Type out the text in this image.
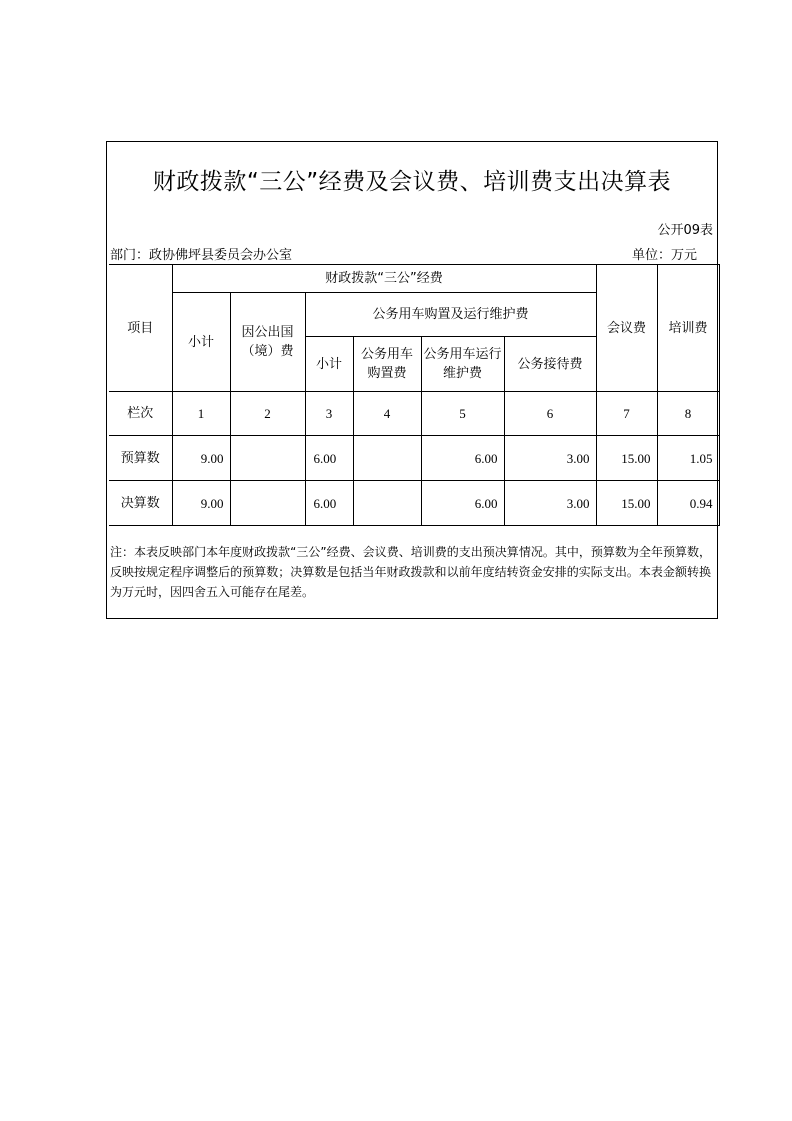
财政拨款“三公”经费及会议费、培训费支出决算表
公开09表
部门：政协佛坪县委员会办公室	单位：万元
项目	财政拨款“三公”经费						会议费	培训费
	小计	因公出国（境）费	公务用车购置及运行维护费					
			小计	公务用车购置费	公务用车运行维护费	公务接待费		
栏次	1	2	3	4	5	6	7	8
预算数	9.00		6.00		6.00	3.00	15.00	1.05
决算数	9.00		6.00		6.00	3.00	15.00	0.94
注：本表反映部门本年度财政拨款“三公”经费、会议费、培训费的支出预决算情况。其中，预算数为全年预算数，反映按规定程序调整后的预算数；决算数是包括当年财政拨款和以前年度结转资金安排的实际支出。本表金额转换为万元时，因四舍五入可能存在尾差。
